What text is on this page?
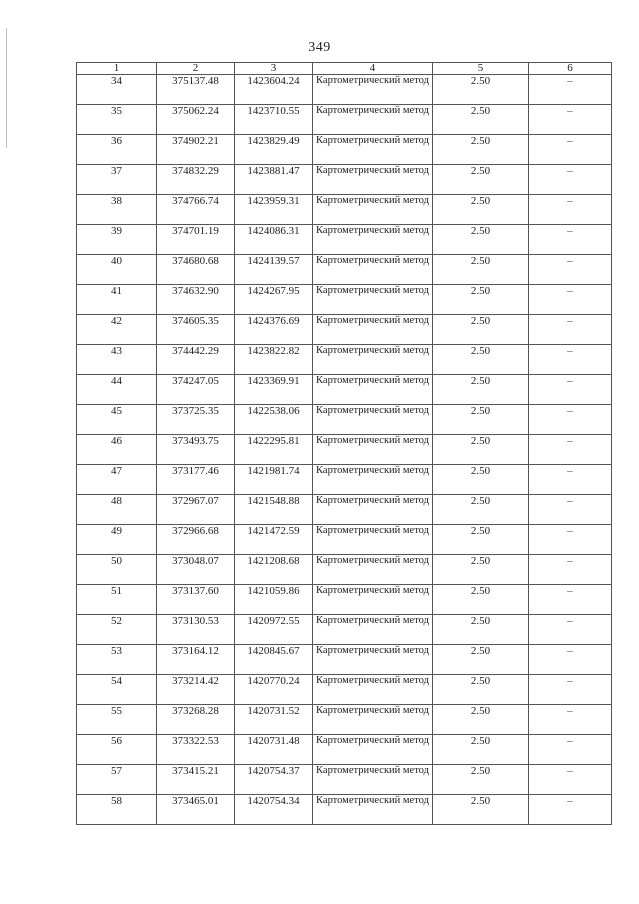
349
1	2	3	4	5	6
34	375137.48	1423604.24	Картометрический метод	2.50	–
35	375062.24	1423710.55	Картометрический метод	2.50	–
36	374902.21	1423829.49	Картометрический метод	2.50	–
37	374832.29	1423881.47	Картометрический метод	2.50	–
38	374766.74	1423959.31	Картометрический метод	2.50	–
39	374701.19	1424086.31	Картометрический метод	2.50	–
40	374680.68	1424139.57	Картометрический метод	2.50	–
41	374632.90	1424267.95	Картометрический метод	2.50	–
42	374605.35	1424376.69	Картометрический метод	2.50	–
43	374442.29	1423822.82	Картометрический метод	2.50	–
44	374247.05	1423369.91	Картометрический метод	2.50	–
45	373725.35	1422538.06	Картометрический метод	2.50	–
46	373493.75	1422295.81	Картометрический метод	2.50	–
47	373177.46	1421981.74	Картометрический метод	2.50	–
48	372967.07	1421548.88	Картометрический метод	2.50	–
49	372966.68	1421472.59	Картометрический метод	2.50	–
50	373048.07	1421208.68	Картометрический метод	2.50	–
51	373137.60	1421059.86	Картометрический метод	2.50	–
52	373130.53	1420972.55	Картометрический метод	2.50	–
53	373164.12	1420845.67	Картометрический метод	2.50	–
54	373214.42	1420770.24	Картометрический метод	2.50	–
55	373268.28	1420731.52	Картометрический метод	2.50	–
56	373322.53	1420731.48	Картометрический метод	2.50	–
57	373415.21	1420754.37	Картометрический метод	2.50	–
58	373465.01	1420754.34	Картометрический метод	2.50	–
